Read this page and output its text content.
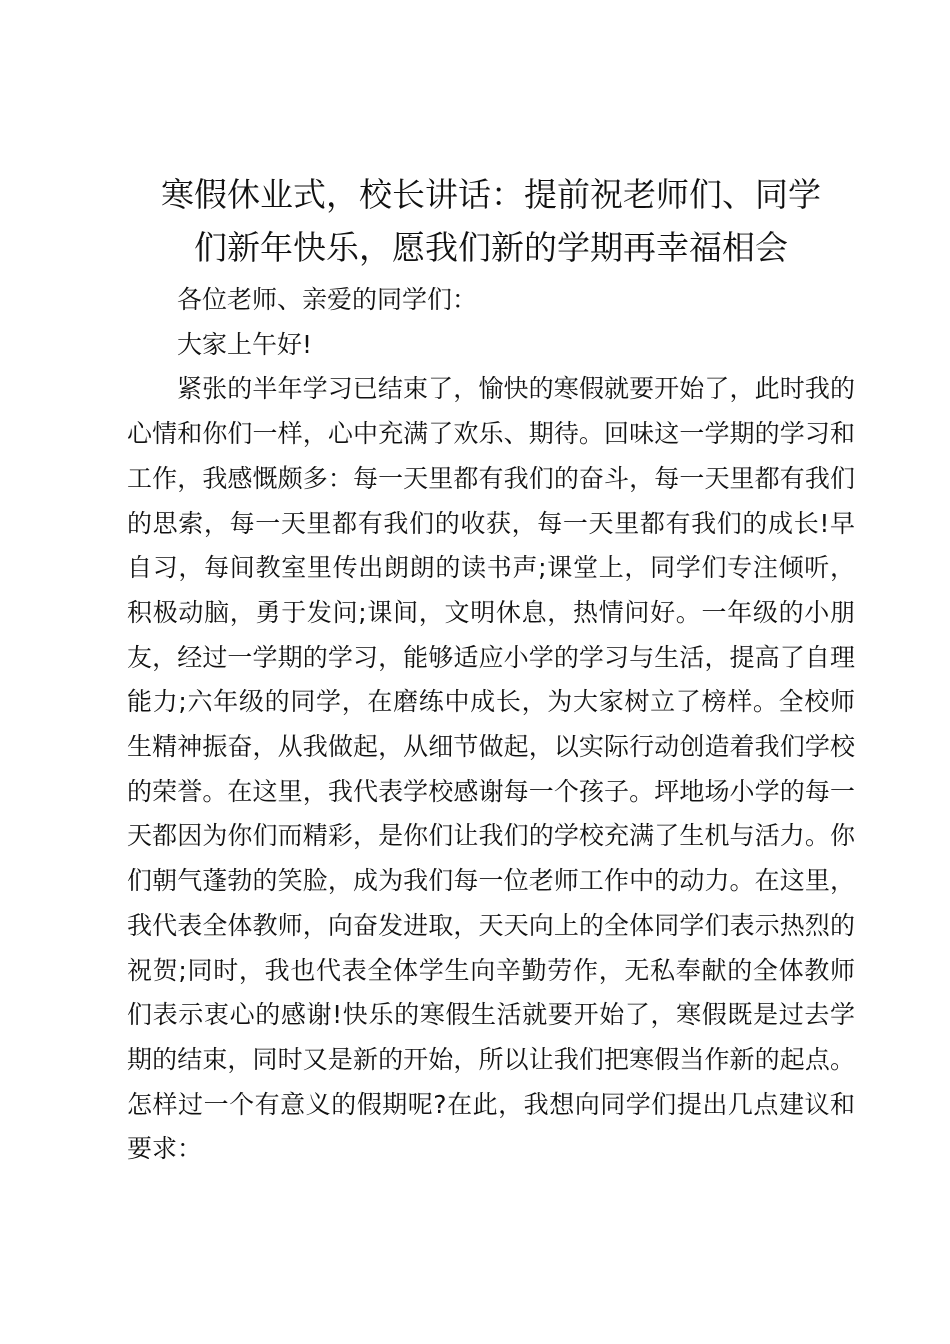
寒假休业式，校长讲话：提前祝老师们、同学
们新年快乐，愿我们新的学期再幸福相会

各位老师、亲爱的同学们：

大家上午好!

紧张的半年学习已结束了，愉快的寒假就要开始了，此时我的心情和你们一样，心中充满了欢乐、期待。回味这一学期的学习和工作，我感慨颇多：每一天里都有我们的奋斗，每一天里都有我们的思索，每一天里都有我们的收获，每一天里都有我们的成长!早自习，每间教室里传出朗朗的读书声;课堂上，同学们专注倾听，积极动脑，勇于发问;课间，文明休息，热情问好。一年级的小朋友，经过一学期的学习，能够适应小学的学习与生活，提高了自理能力;六年级的同学，在磨练中成长，为大家树立了榜样。全校师生精神振奋，从我做起，从细节做起，以实际行动创造着我们学校的荣誉。在这里，我代表学校感谢每一个孩子。坪地场小学的每一天都因为你们而精彩，是你们让我们的学校充满了生机与活力。你们朝气蓬勃的笑脸，成为我们每一位老师工作中的动力。在这里，我代表全体教师，向奋发进取，天天向上的全体同学们表示热烈的祝贺;同时，我也代表全体学生向辛勤劳作，无私奉献的全体教师们表示衷心的感谢!快乐的寒假生活就要开始了，寒假既是过去学期的结束，同时又是新的开始，所以让我们把寒假当作新的起点。怎样过一个有意义的假期呢?在此，我想向同学们提出几点建议和要求：
